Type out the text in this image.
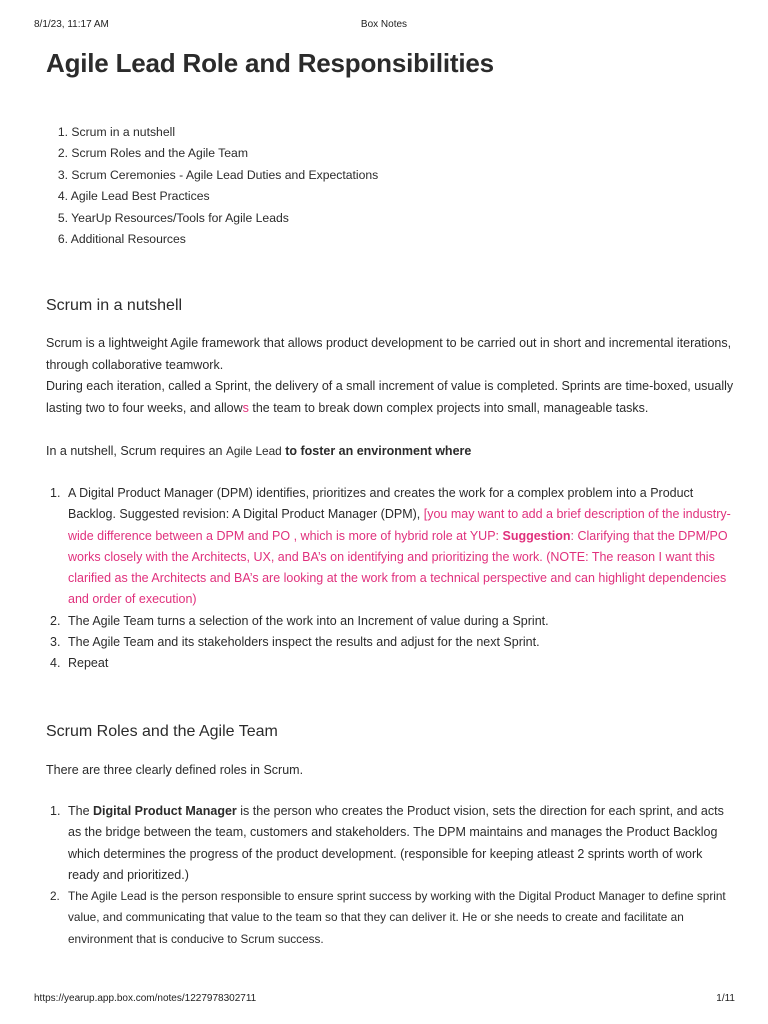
8/1/23, 11:17 AM	Box Notes
Agile Lead Role and Responsibilities
1. Scrum in a nutshell
2. Scrum Roles and the Agile Team
3. Scrum Ceremonies - Agile Lead Duties and Expectations
4. Agile Lead Best Practices
5. YearUp Resources/Tools for Agile Leads
6. Additional Resources
Scrum in a nutshell

Scrum is a lightweight Agile framework that allows product development to be carried out in short and incremental iterations, through collaborative teamwork.

During each iteration, called a Sprint, the delivery of a small increment of value is completed. Sprints are time-boxed, usually lasting two to four weeks, and allows the team to break down complex projects into small, manageable tasks.

In a nutshell, Scrum requires an Agile Lead to foster an environment where

1. A Digital Product Manager (DPM) identifies, prioritizes and creates the work for a complex problem into a Product Backlog. Suggested revision: A Digital Product Manager (DPM), [you may want to add a brief description of the industry-wide difference between a DPM and PO , which is more of hybrid role at YUP: Suggestion: Clarifying that the DPM/PO works closely with the Architects, UX, and BA’s on identifying and prioritizing the work. (NOTE: The reason I want this clarified as the Architects and BA’s are looking at the work from a technical perspective and can highlight dependencies and order of execution)
2. The Agile Team turns a selection of the work into an Increment of value during a Sprint.
3. The Agile Team and its stakeholders inspect the results and adjust for the next Sprint.
4. Repeat
Scrum Roles and the Agile Team

There are three clearly defined roles in Scrum.

1. The Digital Product Manager is the person who creates the Product vision, sets the direction for each sprint, and acts as the bridge between the team, customers and stakeholders. The DPM maintains and manages the Product Backlog which determines the progress of the product development. (responsible for keeping atleast 2 sprints worth of work ready and prioritized.)
2. The Agile Lead is the person responsible to ensure sprint success by working with the Digital Product Manager to define sprint value, and communicating that value to the team so that they can deliver it. He or she needs to create and facilitate an environment that is conducive to Scrum success.
https://yearup.app.box.com/notes/1227978302711	1/11
